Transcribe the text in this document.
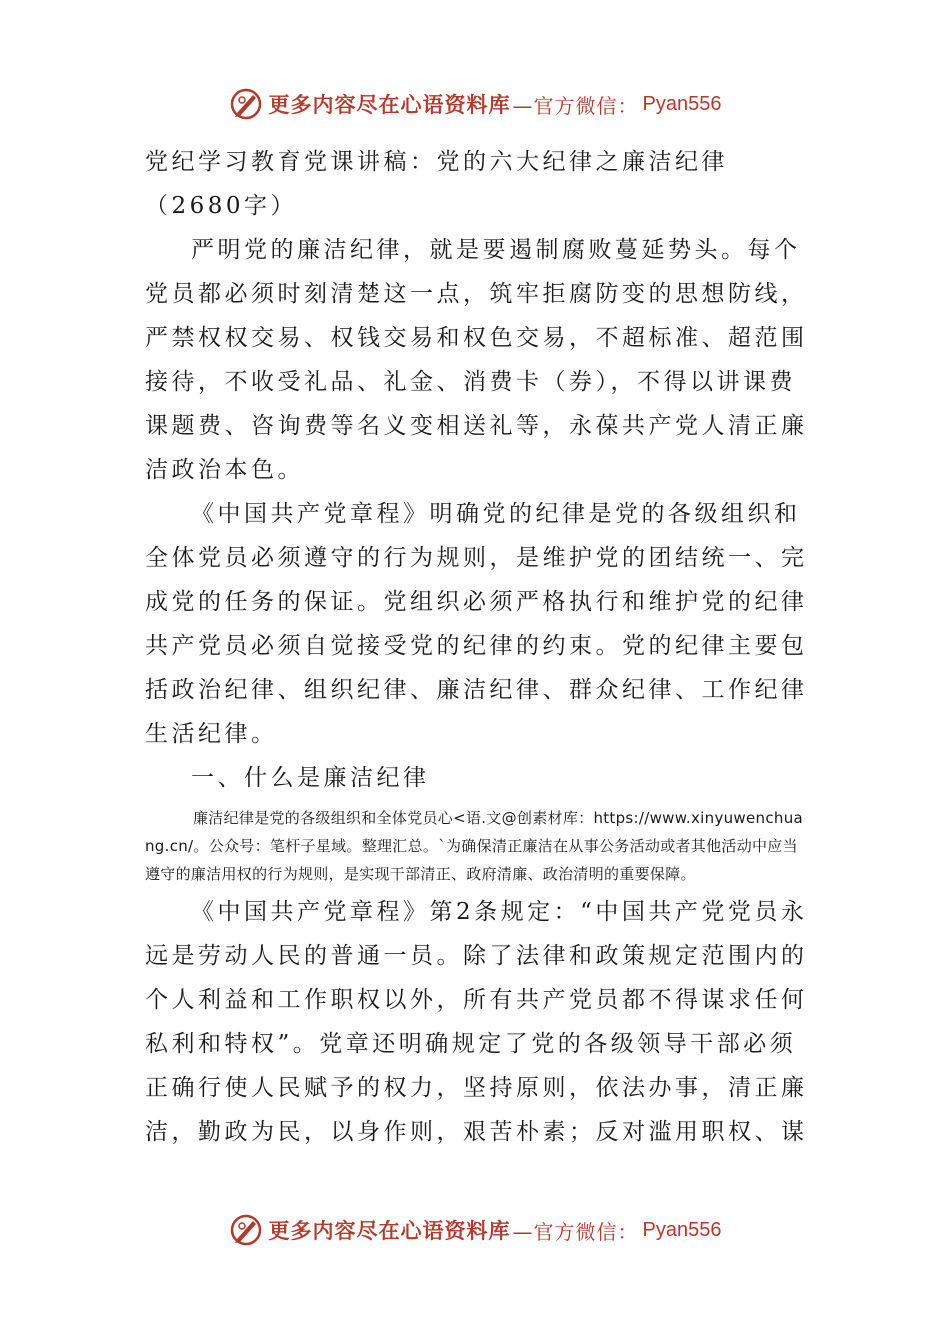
更多内容尽在心语资料库 —官方微信： Pyan556

党纪学习教育党课讲稿：党的六大纪律之廉洁纪律（2680字）

严明党的廉洁纪律，就是要遏制腐败蔓延势头。每个党员都必须时刻清楚这一点，筑牢拒腐防变的思想防线，严禁权权交易、权钱交易和权色交易，不超标准、超范围接待，不收受礼品、礼金、消费卡（券），不得以讲课费课题费、咨询费等名义变相送礼等，永葆共产党人清正廉洁政治本色。

《中国共产党章程》明确党的纪律是党的各级组织和全体党员必须遵守的行为规则，是维护党的团结统一、完成党的任务的保证。党组织必须严格执行和维护党的纪律共产党员必须自觉接受党的纪律的约束。党的纪律主要包括政治纪律、组织纪律、廉洁纪律、群众纪律、工作纪律生活纪律。

一、什么是廉洁纪律

廉洁纪律是党的各级组织和全体党员心<语.文@创素材库：https://www.xinyuwenchuang.cn/。公众号：笔杆子星域。整理汇总。`为确保清正廉洁在从事公务活动或者其他活动中应当遵守的廉洁用权的行为规则，是实现干部清正、政府清廉、政治清明的重要保障。

《中国共产党章程》第2条规定：“中国共产党党员永远是劳动人民的普通一员。除了法律和政策规定范围内的个人利益和工作职权以外，所有共产党员都不得谋求任何私利和特权”。党章还明确规定了党的各级领导干部必须正确行使人民赋予的权力，坚持原则，依法办事，清正廉洁，勤政为民，以身作则，艰苦朴素；反对滥用职权、谋

更多内容尽在心语资料库 —官方微信： Pyan556
